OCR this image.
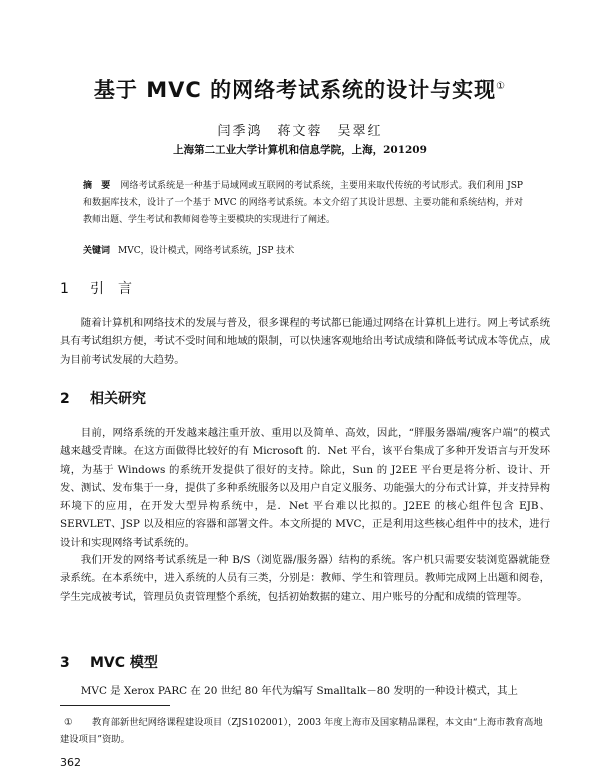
基于 MVC 的网络考试系统的设计与实现①
闫季鸿　蒋文蓉　吴翠红
上海第二工业大学计算机和信息学院，上海，201209
摘　要 网络考试系统是一种基于局域网或互联网的考试系统，主要用来取代传统的考试形式。我们利用 JSP 和数据库技术，设计了一个基于 MVC 的网络考试系统。本文介绍了其设计思想、主要功能和系统结构，并对教师出题、学生考试和教师阅卷等主要模块的实现进行了阐述。
关键词 MVC，设计模式，网络考试系统，JSP 技术
1 引　言
随着计算机和网络技术的发展与普及，很多课程的考试都已能通过网络在计算机上进行。网上考试系统具有考试组织方便，考试不受时间和地域的限制，可以快速客观地给出考试成绩和降低考试成本等优点，成为目前考试发展的大趋势。
2 相关研究
目前，网络系统的开发越来越注重开放、重用以及简单、高效，因此，“胖服务器端/瘦客户端”的模式越来越受青睐。在这方面做得比较好的有 Microsoft 的．Net 平台，该平台集成了多种开发语言与开发环境，为基于 Windows 的系统开发提供了很好的支持。除此，Sun 的 J2EE 平台更是将分析、设计、开发、测试、发布集于一身，提供了多种系统服务以及用户自定义服务、功能强大的分布式计算，并支持异构环境下的应用，在开发大型异构系统中，是．Net 平台难以比拟的。J2EE 的核心组件包含 EJB、SERVLET、JSP 以及相应的容器和部署文件。本文所提的 MVC，正是利用这些核心组件中的技术，进行设计和实现网络考试系统的。
我们开发的网络考试系统是一种 B/S（浏览器/服务器）结构的系统。客户机只需要安装浏览器就能登录系统。在本系统中，进入系统的人员有三类，分别是：教师、学生和管理员。教师完成网上出题和阅卷，学生完成被考试，管理员负责管理整个系统，包括初始数据的建立、用户账号的分配和成绩的管理等。
3 MVC 模型
MVC 是 Xerox PARC 在 20 世纪 80 年代为编写 Smalltalk－80 发明的一种设计模式，其上
① 教育部新世纪网络课程建设项目（ZJS102001），2003 年度上海市及国家精品课程，本文由“上海市教育高地建设项目”资助。
362
